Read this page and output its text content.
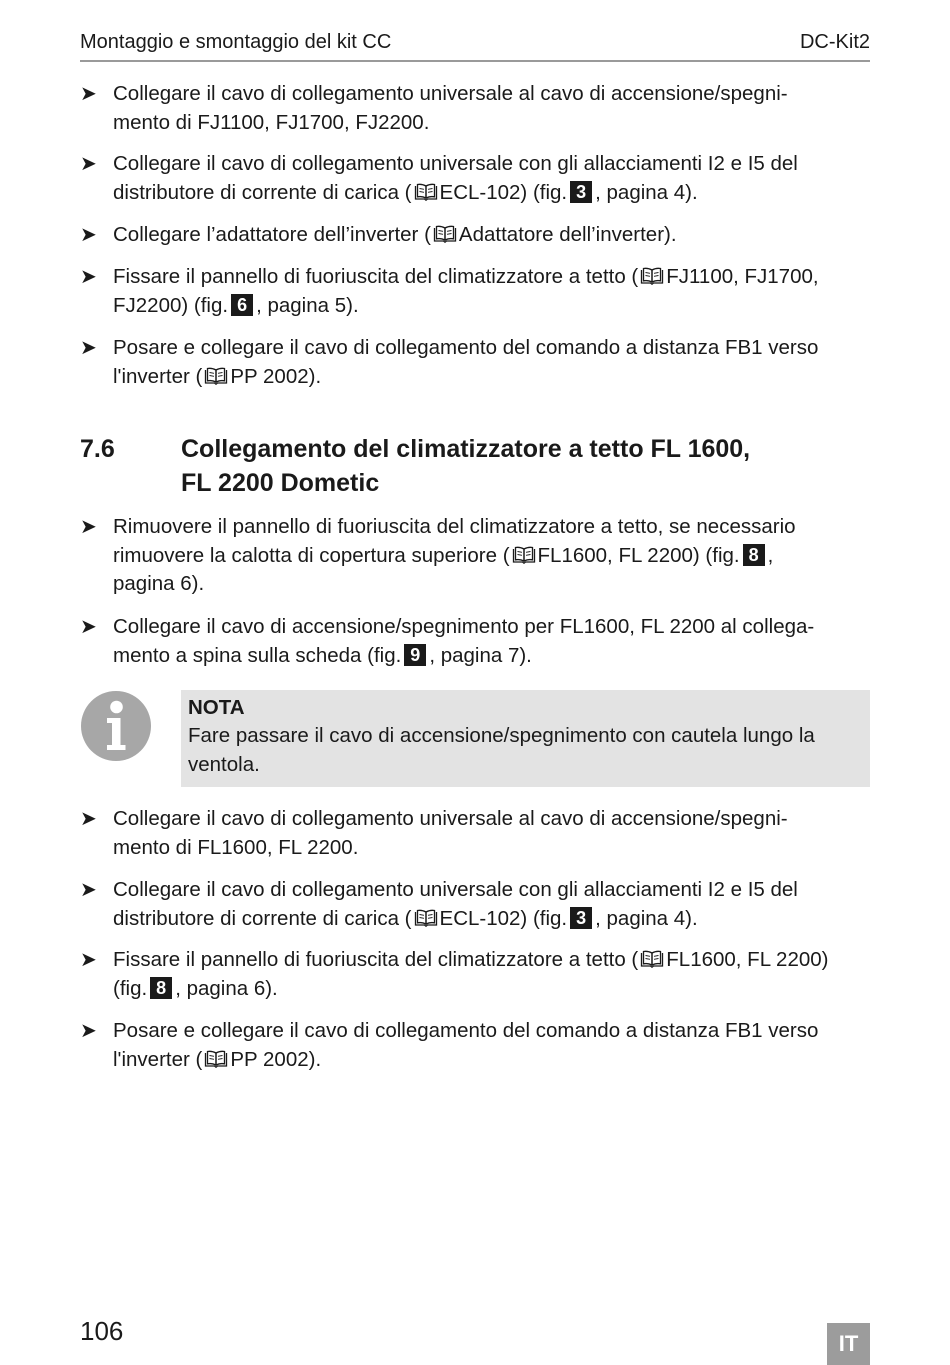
Montaggio e smontaggio del kit CC	DC-Kit2
➤ Collegare il cavo di collegamento universale al cavo di accensione/spegni-
mento di FJ1100, FJ1700, FJ2200.
➤ Collegare il cavo di collegamento universale con gli allacciamenti I2 e I5 del
distributore di corrente di carica ( ECL-102) (fig. 3 , pagina 4).
➤ Collegare l’adattatore dell’inverter ( Adattatore dell’inverter).
➤ Fissare il pannello di fuoriuscita del climatizzatore a tetto ( FJ1100, FJ1700,
FJ2200) (fig. 6 , pagina 5).
➤ Posare e collegare il cavo di collegamento del comando a distanza FB1 verso
l'inverter ( PP 2002).
7.6	Collegamento del climatizzatore a tetto FL 1600,
FL 2200 Dometic
➤ Rimuovere il pannello di fuoriuscita del climatizzatore a tetto, se necessario
rimuovere la calotta di copertura superiore ( FL1600, FL 2200) (fig. 8 ,
pagina 6).
➤ Collegare il cavo di accensione/spegnimento per FL1600, FL 2200 al collega-
mento a spina sulla scheda (fig. 9 , pagina 7).
NOTA
Fare passare il cavo di accensione/spegnimento con cautela lungo la
ventola.
➤ Collegare il cavo di collegamento universale al cavo di accensione/spegni-
mento di FL1600, FL 2200.
➤ Collegare il cavo di collegamento universale con gli allacciamenti I2 e I5 del
distributore di corrente di carica ( ECL-102) (fig. 3 , pagina 4).
➤ Fissare il pannello di fuoriuscita del climatizzatore a tetto ( FL1600, FL 2200)
(fig. 8 , pagina 6).
➤ Posare e collegare il cavo di collegamento del comando a distanza FB1 verso
l'inverter ( PP 2002).
106	IT
